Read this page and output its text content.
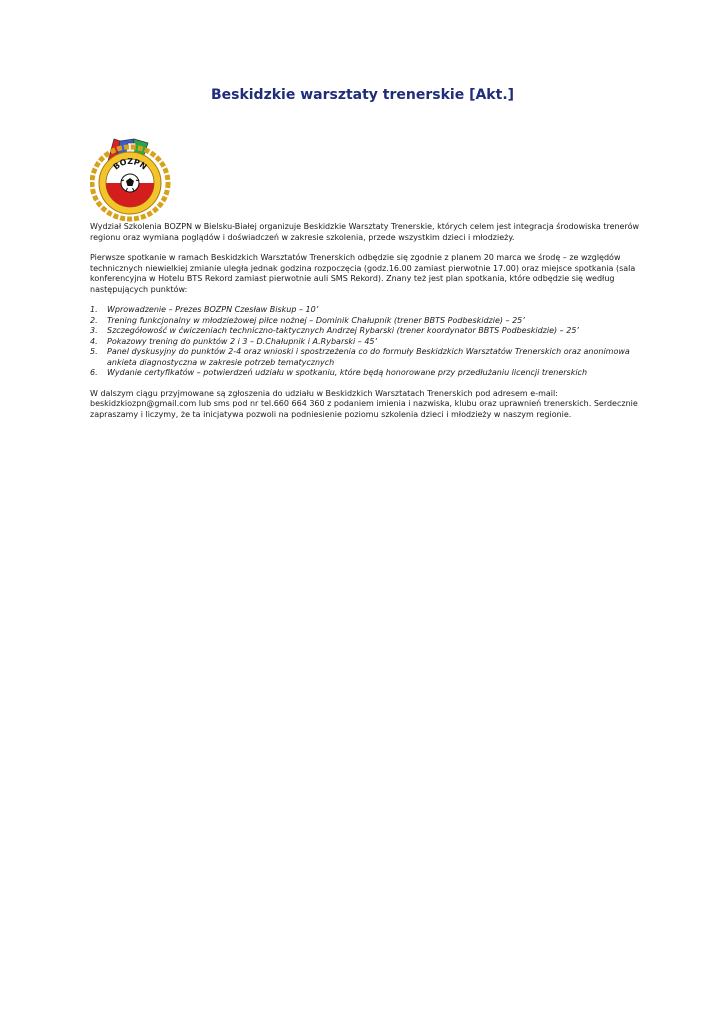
Beskidzkie warsztaty trenerskie [Akt.]
BOZPN

Wydział Szkolenia BOZPN w Bielsku-Białej organizuje Beskidzkie Warsztaty Trenerskie, których celem jest integracja środowiska trenerów regionu oraz wymiana poglądów i doświadczeń w zakresie szkolenia, przede wszystkim dzieci i młodzieży.

Pierwsze spotkanie w ramach Beskidzkich Warsztatów Trenerskich odbędzie się zgodnie z planem 20 marca we środę – ze względów technicznych niewielkiej zmianie uległa jednak godzina rozpoczęcia (godz.16.00 zamiast pierwotnie 17.00) oraz miejsce spotkania (sala konferencyjna w Hotelu BTS Rekord zamiast pierwotnie auli SMS Rekord). Znany też jest plan spotkania, które odbędzie się według następujących punktów:

1. Wprowadzenie – Prezes BOZPN Czesław Biskup – 10’
2. Trening funkcjonalny w młodzieżowej piłce nożnej – Dominik Chałupnik (trener BBTS Podbeskidzie) – 25’
3. Szczegółowość w ćwiczeniach techniczno-taktycznych Andrzej Rybarski (trener koordynator BBTS Podbeskidzie) – 25’
4. Pokazowy trening do punktów 2 i 3 – D.Chałupnik i A.Rybarski – 45’
5. Panel dyskusyjny do punktów 2-4 oraz wnioski i spostrzeżenia co do formuły Beskidzkich Warsztatów Trenerskich oraz anonimowa ankieta diagnostyczna w zakresie potrzeb tematycznych
6. Wydanie certyfikatów – potwierdzeń udziału w spotkaniu, które będą honorowane przy przedłużaniu licencji trenerskich

W dalszym ciągu przyjmowane są zgłoszenia do udziału w Beskidzkich Warsztatach Trenerskich pod adresem e-mail: beskidzkiozpn@gmail.com lub sms pod nr tel.660 664 360 z podaniem imienia i nazwiska, klubu oraz uprawnień trenerskich. Serdecznie zapraszamy i liczymy, że ta inicjatywa pozwoli na podniesienie poziomu szkolenia dzieci i młodzieży w naszym regionie.
